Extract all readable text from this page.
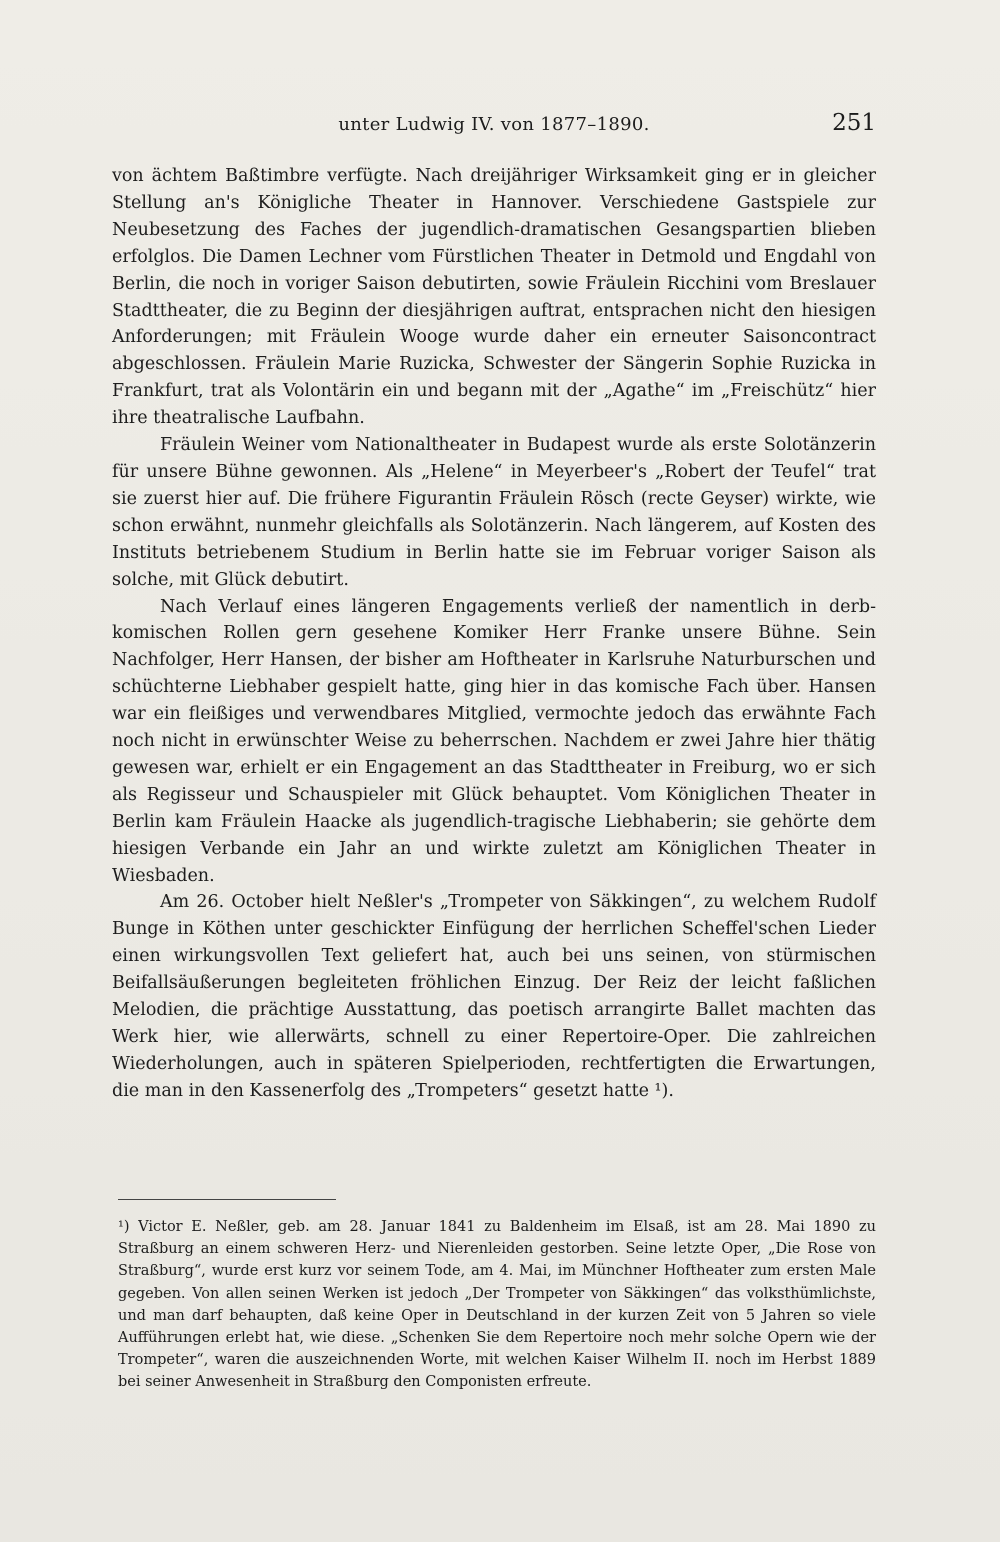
unter Ludwig IV. von 1877–1890.	251

von ächtem Baßtimbre verfügte. Nach dreijähriger Wirksamkeit ging er in gleicher Stellung an's Königliche Theater in Hannover. Verschiedene Gastspiele zur Neubesetzung des Faches der jugendlich-dramatischen Gesangspartien blieben erfolglos. Die Damen Lechner vom Fürstlichen Theater in Detmold und Engdahl von Berlin, die noch in voriger Saison debutirten, sowie Fräulein Ricchini vom Breslauer Stadttheater, die zu Beginn der diesjährigen auftrat, entsprachen nicht den hiesigen Anforderungen; mit Fräulein Wooge wurde daher ein erneuter Saisoncontract abgeschlossen. Fräulein Marie Ruzicka, Schwester der Sängerin Sophie Ruzicka in Frankfurt, trat als Volontärin ein und begann mit der „Agathe“ im „Freischütz“ hier ihre theatralische Laufbahn.

Fräulein Weiner vom Nationaltheater in Budapest wurde als erste Solotänzerin für unsere Bühne gewonnen. Als „Helene“ in Meyerbeer's „Robert der Teufel“ trat sie zuerst hier auf. Die frühere Figurantin Fräulein Rösch (recte Geyser) wirkte, wie schon erwähnt, nunmehr gleichfalls als Solotänzerin. Nach längerem, auf Kosten des Instituts betriebenem Studium in Berlin hatte sie im Februar voriger Saison als solche, mit Glück debutirt.

Nach Verlauf eines längeren Engagements verließ der namentlich in derb-komischen Rollen gern gesehene Komiker Herr Franke unsere Bühne. Sein Nachfolger, Herr Hansen, der bisher am Hoftheater in Karlsruhe Naturburschen und schüchterne Liebhaber gespielt hatte, ging hier in das komische Fach über. Hansen war ein fleißiges und verwendbares Mitglied, vermochte jedoch das erwähnte Fach noch nicht in erwünschter Weise zu beherrschen. Nachdem er zwei Jahre hier thätig gewesen war, erhielt er ein Engagement an das Stadttheater in Freiburg, wo er sich als Regisseur und Schauspieler mit Glück behauptet. Vom Königlichen Theater in Berlin kam Fräulein Haacke als jugendlich-tragische Liebhaberin; sie gehörte dem hiesigen Verbande ein Jahr an und wirkte zuletzt am Königlichen Theater in Wiesbaden.

Am 26. October hielt Neßler's „Trompeter von Säkkingen“, zu welchem Rudolf Bunge in Köthen unter geschickter Einfügung der herrlichen Scheffel'schen Lieder einen wirkungsvollen Text geliefert hat, auch bei uns seinen, von stürmischen Beifallsäußerungen begleiteten fröhlichen Einzug. Der Reiz der leicht faßlichen Melodien, die prächtige Ausstattung, das poetisch arrangirte Ballet machten das Werk hier, wie allerwärts, schnell zu einer Repertoire-Oper. Die zahlreichen Wiederholungen, auch in späteren Spielperioden, rechtfertigten die Erwartungen, die man in den Kassenerfolg des „Trompeters“ gesetzt hatte ¹).

¹) Victor E. Neßler, geb. am 28. Januar 1841 zu Baldenheim im Elsaß, ist am 28. Mai 1890 zu Straßburg an einem schweren Herz- und Nierenleiden gestorben. Seine letzte Oper, „Die Rose von Straßburg“, wurde erst kurz vor seinem Tode, am 4. Mai, im Münchner Hoftheater zum ersten Male gegeben. Von allen seinen Werken ist jedoch „Der Trompeter von Säkkingen“ das volksthümlichste, und man darf behaupten, daß keine Oper in Deutschland in der kurzen Zeit von 5 Jahren so viele Aufführungen erlebt hat, wie diese. „Schenken Sie dem Repertoire noch mehr solche Opern wie der Trompeter“, waren die auszeichnenden Worte, mit welchen Kaiser Wilhelm II. noch im Herbst 1889 bei seiner Anwesenheit in Straßburg den Componisten erfreute.
